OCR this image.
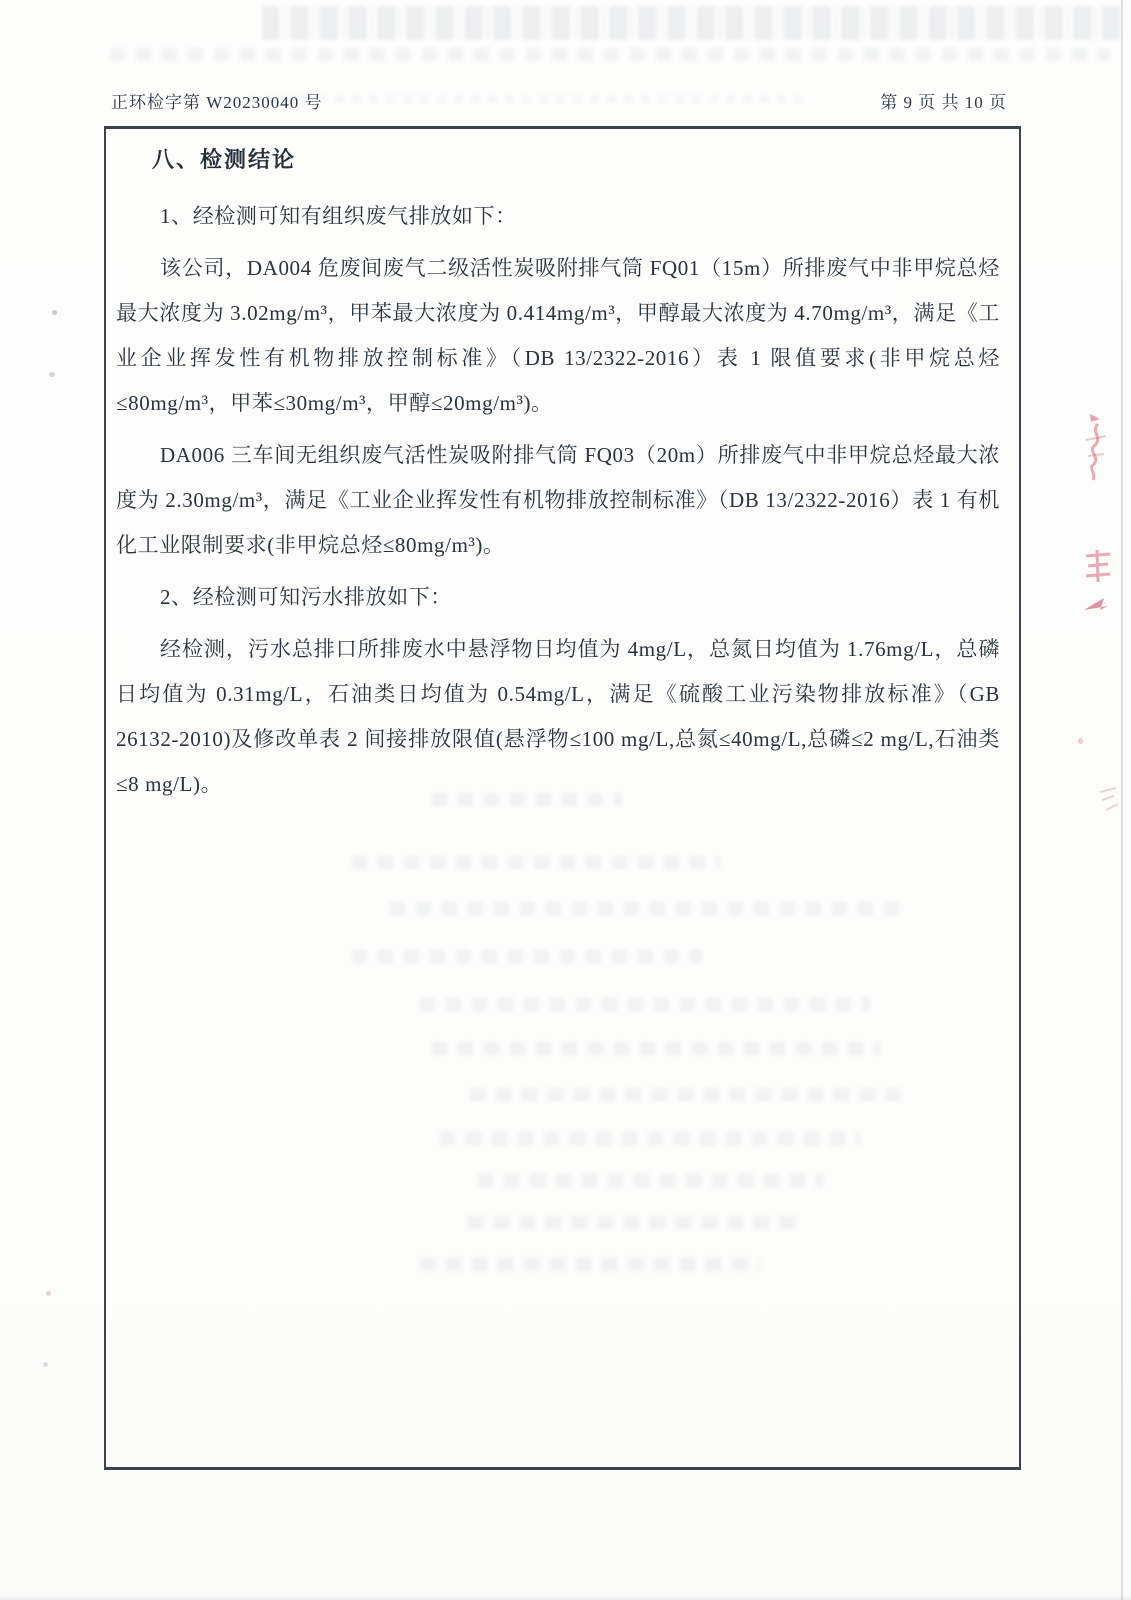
正环检字第 W20230040 号	第 9 页 共 10 页
八、检测结论

1、经检测可知有组织废气排放如下：

该公司，DA004 危废间废气二级活性炭吸附排气筒 FQ01（15m）所排废气中非甲烷总烃最大浓度为 3.02mg/m³，甲苯最大浓度为 0.414mg/m³，甲醇最大浓度为 4.70mg/m³，满足《工业企业挥发性有机物排放控制标准》（DB 13/2322-2016）表 1 限值要求(非甲烷总烃≤80mg/m³，甲苯≤30mg/m³，甲醇≤20mg/m³)。

DA006 三车间无组织废气活性炭吸附排气筒 FQ03（20m）所排废气中非甲烷总烃最大浓度为 2.30mg/m³，满足《工业企业挥发性有机物排放控制标准》（DB 13/2322-2016）表 1 有机化工业限制要求(非甲烷总烃≤80mg/m³)。

2、经检测可知污水排放如下：

经检测，污水总排口所排废水中悬浮物日均值为 4mg/L，总氮日均值为 1.76mg/L，总磷日均值为 0.31mg/L，石油类日均值为 0.54mg/L，满足《硫酸工业污染物排放标准》（GB 26132-2010)及修改单表 2 间接排放限值(悬浮物≤100 mg/L,总氮≤40mg/L,总磷≤2 mg/L,石油类≤8 mg/L)。
